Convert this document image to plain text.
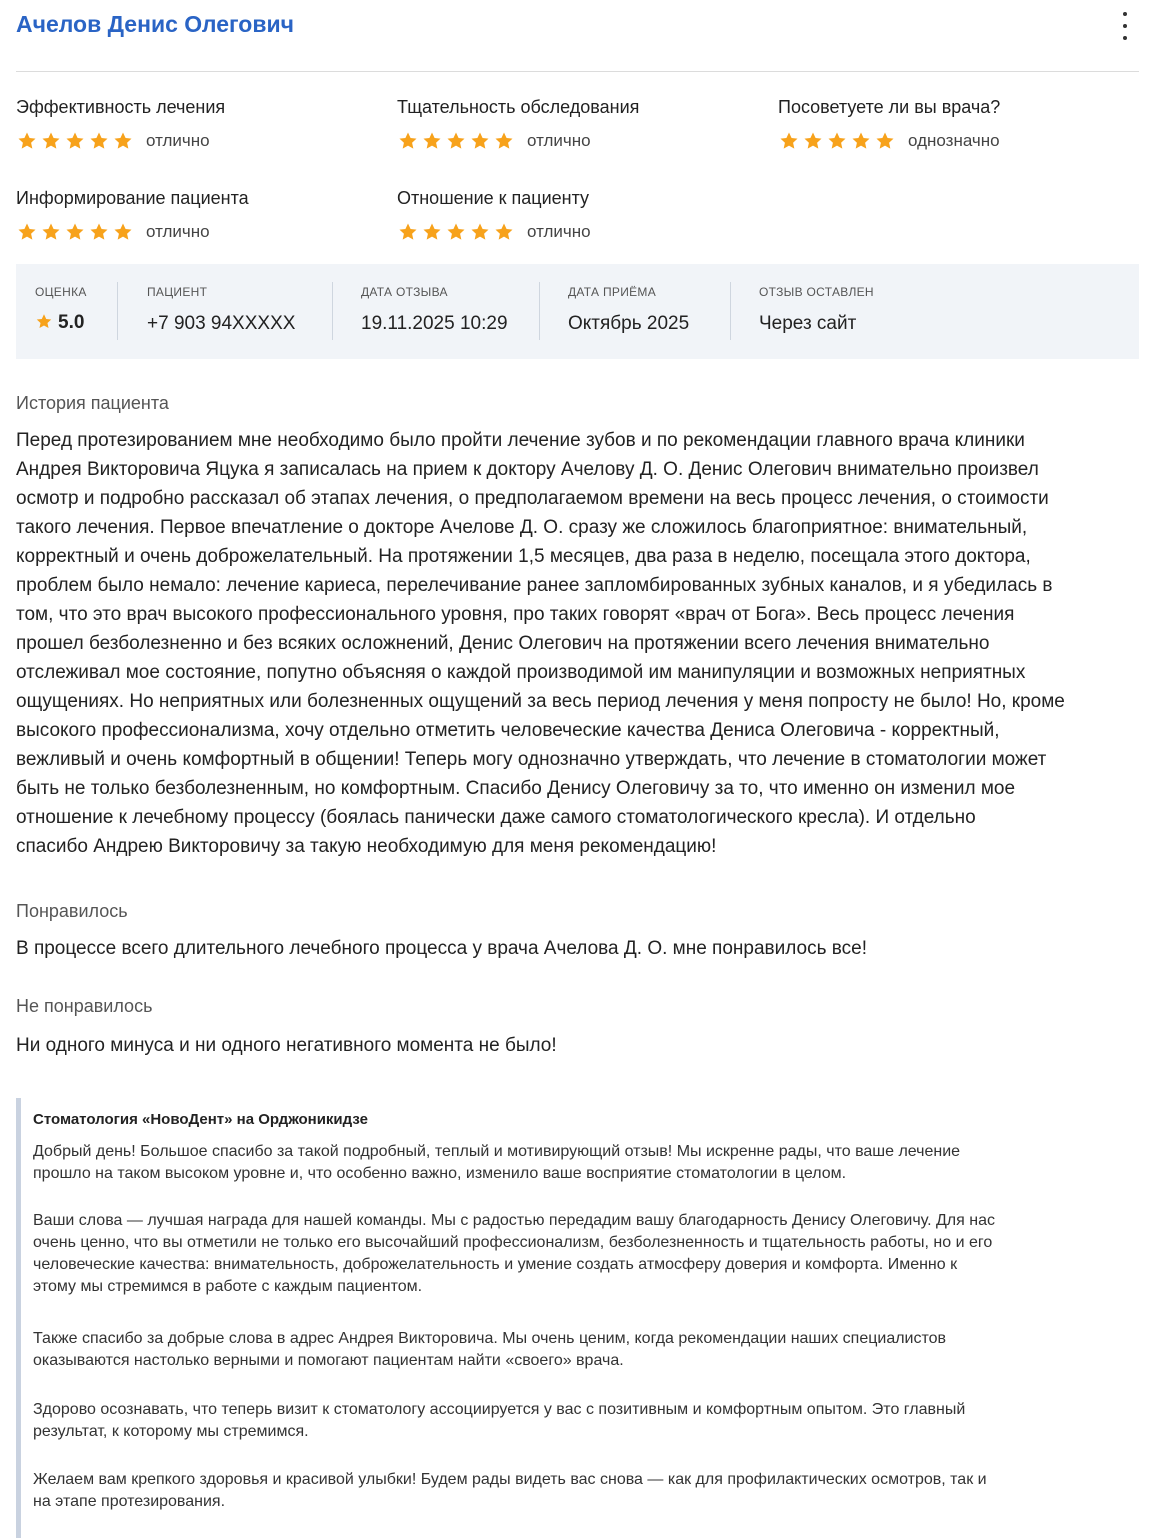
Ачелов Денис Олегович
Эффективность лечения
отлично
Тщательность обследования
отлично
Посоветуете ли вы врача?
однозначно
Информирование пациента
отлично
Отношение к пациенту
отлично
ОЦЕНКА
5.0
ПАЦИЕНТ
+7 903 94XXXXX
ДАТА ОТЗЫВА
19.11.2025 10:29
ДАТА ПРИЁМА
Октябрь 2025
ОТЗЫВ ОСТАВЛЕН
Через сайт
История пациента
Перед протезированием мне необходимо было пройти лечение зубов и по рекомендации главного врача клиники
Андрея Викторовича Яцука я записалась на прием к доктору Ачелову Д. О. Денис Олегович внимательно произвел
осмотр и подробно рассказал об этапах лечения, о предполагаемом времени на весь процесс лечения, о стоимости
такого лечения. Первое впечатление о докторе Ачелове Д. О. сразу же сложилось благоприятное: внимательный,
корректный и очень доброжелательный. На протяжении 1,5 месяцев, два раза в неделю, посещала этого доктора,
проблем было немало: лечение кариеса, перелечивание ранее запломбированных зубных каналов, и я убедилась в
том, что это врач высокого профессионального уровня, про таких говорят «врач от Бога». Весь процесс лечения
прошел безболезненно и без всяких осложнений, Денис Олегович на протяжении всего лечения внимательно
отслеживал мое состояние, попутно объясняя о каждой производимой им манипуляции и возможных неприятных
ощущениях. Но неприятных или болезненных ощущений за весь период лечения у меня попросту не было! Но, кроме
высокого профессионализма, хочу отдельно отметить человеческие качества Дениса Олеговича - корректный,
вежливый и очень комфортный в общении! Теперь могу однозначно утверждать, что лечение в стоматологии может
быть не только безболезненным, но комфортным. Спасибо Денису Олеговичу за то, что именно он изменил мое
отношение к лечебному процессу (боялась панически даже самого стоматологического кресла). И отдельно
спасибо Андрею Викторовичу за такую необходимую для меня рекомендацию!
Понравилось
В процессе всего длительного лечебного процесса у врача Ачелова Д. О. мне понравилось все!
Не понравилось
Ни одного минуса и ни одного негативного момента не было!
Стоматология «НовоДент» на Орджоникидзе
Добрый день! Большое спасибо за такой подробный, теплый и мотивирующий отзыв! Мы искренне рады, что ваше лечение
прошло на таком высоком уровне и, что особенно важно, изменило ваше восприятие стоматологии в целом.
Ваши слова — лучшая награда для нашей команды. Мы с радостью передадим вашу благодарность Денису Олеговичу. Для нас
очень ценно, что вы отметили не только его высочайший профессионализм, безболезненность и тщательность работы, но и его
человеческие качества: внимательность, доброжелательность и умение создать атмосферу доверия и комфорта. Именно к
этому мы стремимся в работе с каждым пациентом.
Также спасибо за добрые слова в адрес Андрея Викторовича. Мы очень ценим, когда рекомендации наших специалистов
оказываются настолько верными и помогают пациентам найти «своего» врача.
Здорово осознавать, что теперь визит к стоматологу ассоциируется у вас с позитивным и комфортным опытом. Это главный
результат, к которому мы стремимся.
Желаем вам крепкого здоровья и красивой улыбки! Будем рады видеть вас снова — как для профилактических осмотров, так и
на этапе протезирования.
